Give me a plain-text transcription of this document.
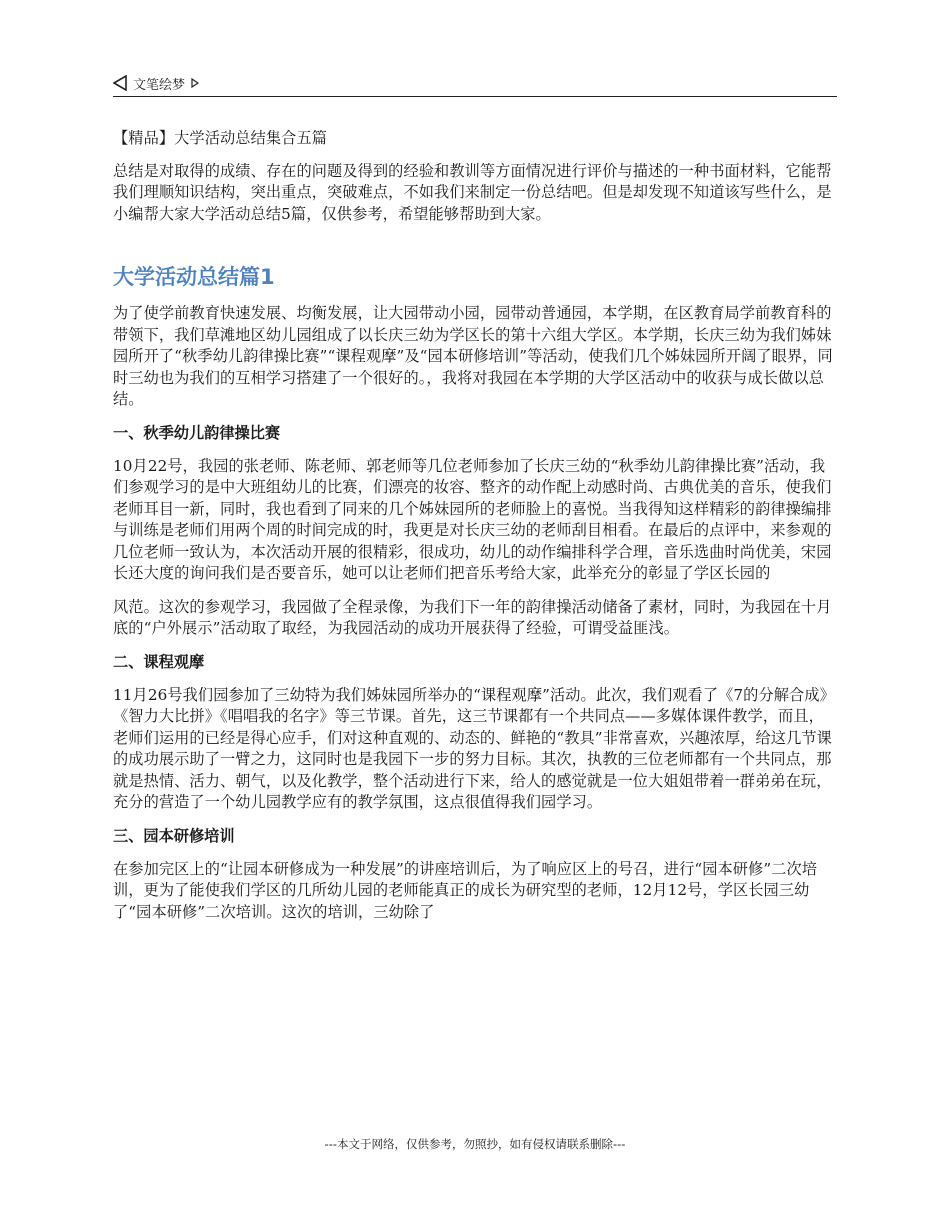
文笔绘梦

【精品】大学活动总结集合五篇

总结是对取得的成绩、存在的问题及得到的经验和教训等方面情况进行评价与描述的一种书面材料，它能帮我们理顺知识结构，突出重点，突破难点，不如我们来制定一份总结吧。但是却发现不知道该写些什么，是小编帮大家大学活动总结5篇，仅供参考，希望能够帮助到大家。

大学活动总结篇1

为了使学前教育快速发展、均衡发展，让大园带动小园，园带动普通园，本学期，在区教育局学前教育科的带领下，我们草滩地区幼儿园组成了以长庆三幼为学区长的第十六组大学区。本学期，长庆三幼为我们姊妹园所开了“秋季幼儿韵律操比赛”“课程观摩”及“园本研修培训”等活动，使我们几个姊妹园所开阔了眼界，同时三幼也为我们的互相学习搭建了一个很好的。，我将对我园在本学期的大学区活动中的收获与成长做以总结。

一、秋季幼儿韵律操比赛

10月22号，我园的张老师、陈老师、郭老师等几位老师参加了长庆三幼的“秋季幼儿韵律操比赛”活动，我们参观学习的是中大班组幼儿的比赛，们漂亮的妆容、整齐的动作配上动感时尚、古典优美的音乐，使我们老师耳目一新，同时，我也看到了同来的几个姊妹园所的老师脸上的喜悦。当我得知这样精彩的韵律操编排与训练是老师们用两个周的时间完成的时，我更是对长庆三幼的老师刮目相看。在最后的点评中，来参观的几位老师一致认为，本次活动开展的很精彩，很成功，幼儿的动作编排科学合理，音乐选曲时尚优美，宋园长还大度的询问我们是否要音乐，她可以让老师们把音乐考给大家，此举充分的彰显了学区长园的

风范。这次的参观学习，我园做了全程录像，为我们下一年的韵律操活动储备了素材，同时，为我园在十月底的“户外展示”活动取了取经，为我园活动的成功开展获得了经验，可谓受益匪浅。

二、课程观摩

11月26号我们园参加了三幼特为我们姊妹园所举办的“课程观摩”活动。此次，我们观看了《7的分解合成》《智力大比拼》《唱唱我的名字》等三节课。首先，这三节课都有一个共同点——多媒体课件教学，而且，老师们运用的已经是得心应手，们对这种直观的、动态的、鲜艳的“教具”非常喜欢，兴趣浓厚，给这几节课的成功展示助了一臂之力，这同时也是我园下一步的努力目标。其次，执教的三位老师都有一个共同点，那就是热情、活力、朝气，以及化教学，整个活动进行下来，给人的感觉就是一位大姐姐带着一群弟弟在玩，充分的营造了一个幼儿园教学应有的教学氛围，这点很值得我们园学习。

三、园本研修培训

在参加完区上的“让园本研修成为一种发展”的讲座培训后，为了响应区上的号召，进行“园本研修”二次培训，更为了能使我们学区的几所幼儿园的老师能真正的成长为研究型的老师，12月12号，学区长园三幼了“园本研修”二次培训。这次的培训，三幼除了

---本文于网络，仅供参考，勿照抄，如有侵权请联系删除---
